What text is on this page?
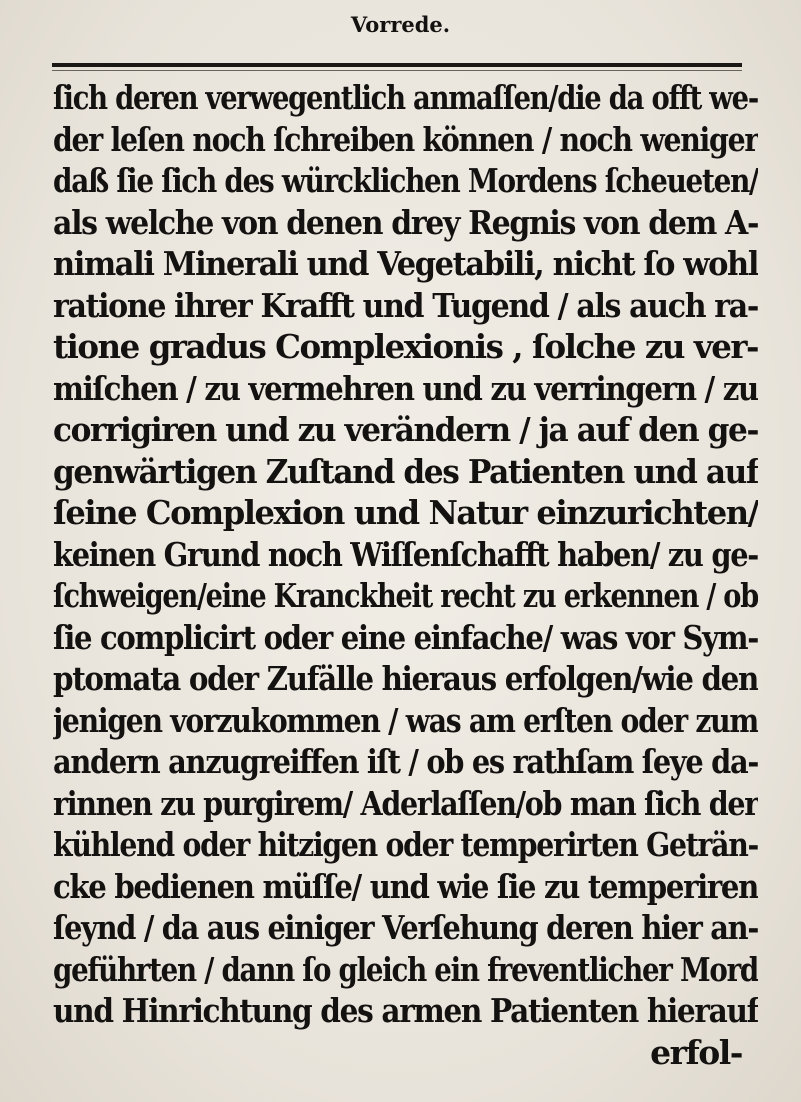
Vorrede.
ſich deren verwegentlich anmaſſen/die da offt we‑
der leſen noch ſchreiben können / noch weniger
daß ſie ſich des würcklichen Mordens ſcheueten/
als welche von denen drey Regnis von dem A-
nimali Minerali und Vegetabili, nicht ſo wohl
ratione ihrer Krafft und Tugend / als auch ra-
tione gradus Complexionis , ſolche zu ver‑
miſchen / zu vermehren und zu verringern / zu
corrigiren und zu verändern / ja auf den ge‑
genwärtigen Zuſtand des Patienten und auf
ſeine Complexion und Natur einzurichten/
keinen Grund noch Wiſſenſchafft haben/ zu ge‑
ſchweigen/eine Kranckheit recht zu erkennen / ob
ſie complicirt oder eine einfache/ was vor Sym-
ptomata oder Zufälle hieraus erfolgen/wie den
jenigen vorzukommen / was am erſten oder zum
andern anzugreiffen iſt / ob es rathſam ſeye da‑
rinnen zu purgirem/ Aderlaſſen/ob man ſich der
kühlend oder hitzigen oder temperirten Geträn‑
cke bedienen müſſe/ und wie ſie zu temperiren
ſeynd / da aus einiger Verſehung deren hier an‑
geführten / dann ſo gleich ein freventlicher Mord
und Hinrichtung des armen Patienten hierauf
erfol‑
